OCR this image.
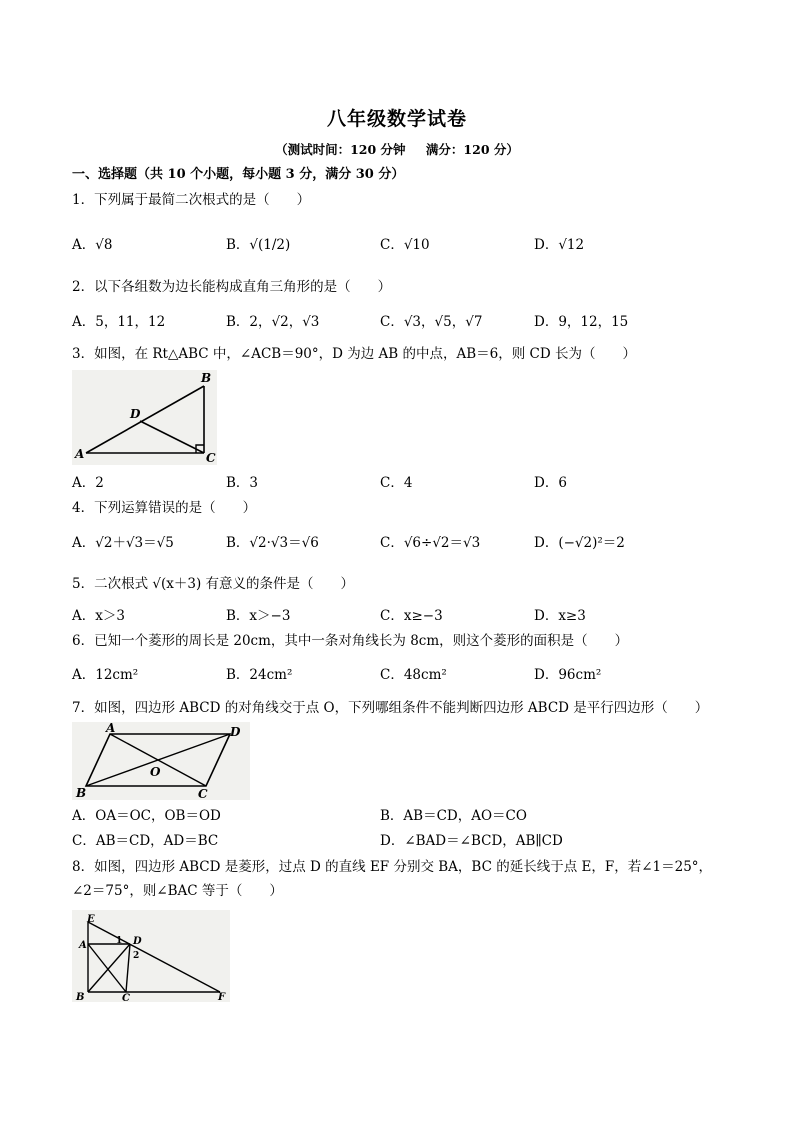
八年级数学试卷
（测试时间：120 分钟 满分：120 分）
一、选择题（共 10 个小题，每小题 3 分，满分 30 分）
1．下列属于最简二次根式的是（　　）
A．√8	B．√(1/2)	C．√10	D．√12
2．以下各组数为边长能构成直角三角形的是（　　）
A．5，11，12	B．2，√2，√3	C．√3，√5，√7	D．9，12，15
3．如图，在 Rt△ABC 中，∠ACB＝90°，D 为边 AB 的中点，AB＝6，则 CD 长为（　　）
A
B
C
D
A．2	B．3	C．4	D．6
4．下列运算错误的是（　　）
A．√2＋√3＝√5	B．√2·√3＝√6	C．√6÷√2＝√3	D．(−√2)²＝2
5．二次根式 √(x＋3) 有意义的条件是（　　）
A．x＞3	B．x＞−3	C．x≥−3	D．x≥3
6．已知一个菱形的周长是 20cm，其中一条对角线长为 8cm，则这个菱形的面积是（　　）
A．12cm²	B．24cm²	C．48cm²	D．96cm²
7．如图，四边形 ABCD 的对角线交于点 O，下列哪组条件不能判断四边形 ABCD 是平行四边形（　　）
A
B	C
D
O
A．OA＝OC，OB＝OD	B．AB＝CD，AO＝CO
C．AB＝CD，AD＝BC	D．∠BAD＝∠BCD，AB∥CD
8．如图，四边形 ABCD 是菱形，过点 D 的直线 EF 分别交 BA，BC 的延长线于点 E，F，若∠1＝25°，
∠2＝75°，则∠BAC 等于（　　）
E
A	1 D
2
B	C	F
